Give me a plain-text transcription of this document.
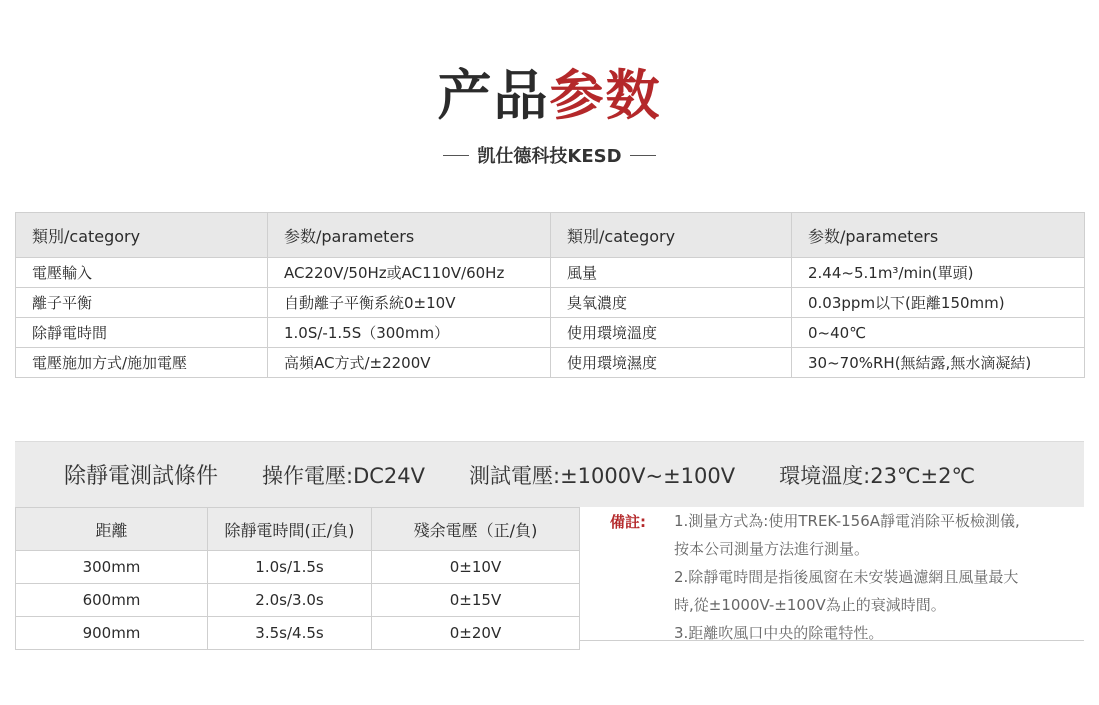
产品参数
凯仕德科技KESD
類別/category	参数/parameters	類別/category	参数/parameters
電壓輸入	AC220V/50Hz或AC110V/60Hz	風量	2.44~5.1m³/min(單頭)
離子平衡	自動離子平衡系統0±10V	臭氧濃度	0.03ppm以下(距離150mm)
除靜電時間	1.0S/-1.5S（300mm）	使用環境溫度	0~40℃
電壓施加方式/施加電壓	高頻AC方式/±2200V	使用環境濕度	30~70%RH(無結露,無水滴凝結)
除靜電測試條件 操作電壓:DC24V 測試電壓:±1000V~±100V 環境溫度:23℃±2℃
距離	除靜電時間(正/負)	殘余電壓（正/負)
300mm	1.0s/1.5s	0±10V
600mm	2.0s/3.0s	0±15V
900mm	3.5s/4.5s	0±20V
備註: 1.測量方式為:使用TREK-156A靜電消除平板檢測儀,

按本公司測量方法進行測量。

2.除靜電時間是指後風窗在未安裝過濾網且風量最大

時,從±1000V-±100V為止的衰減時間。

3.距離吹風口中央的除電特性。
